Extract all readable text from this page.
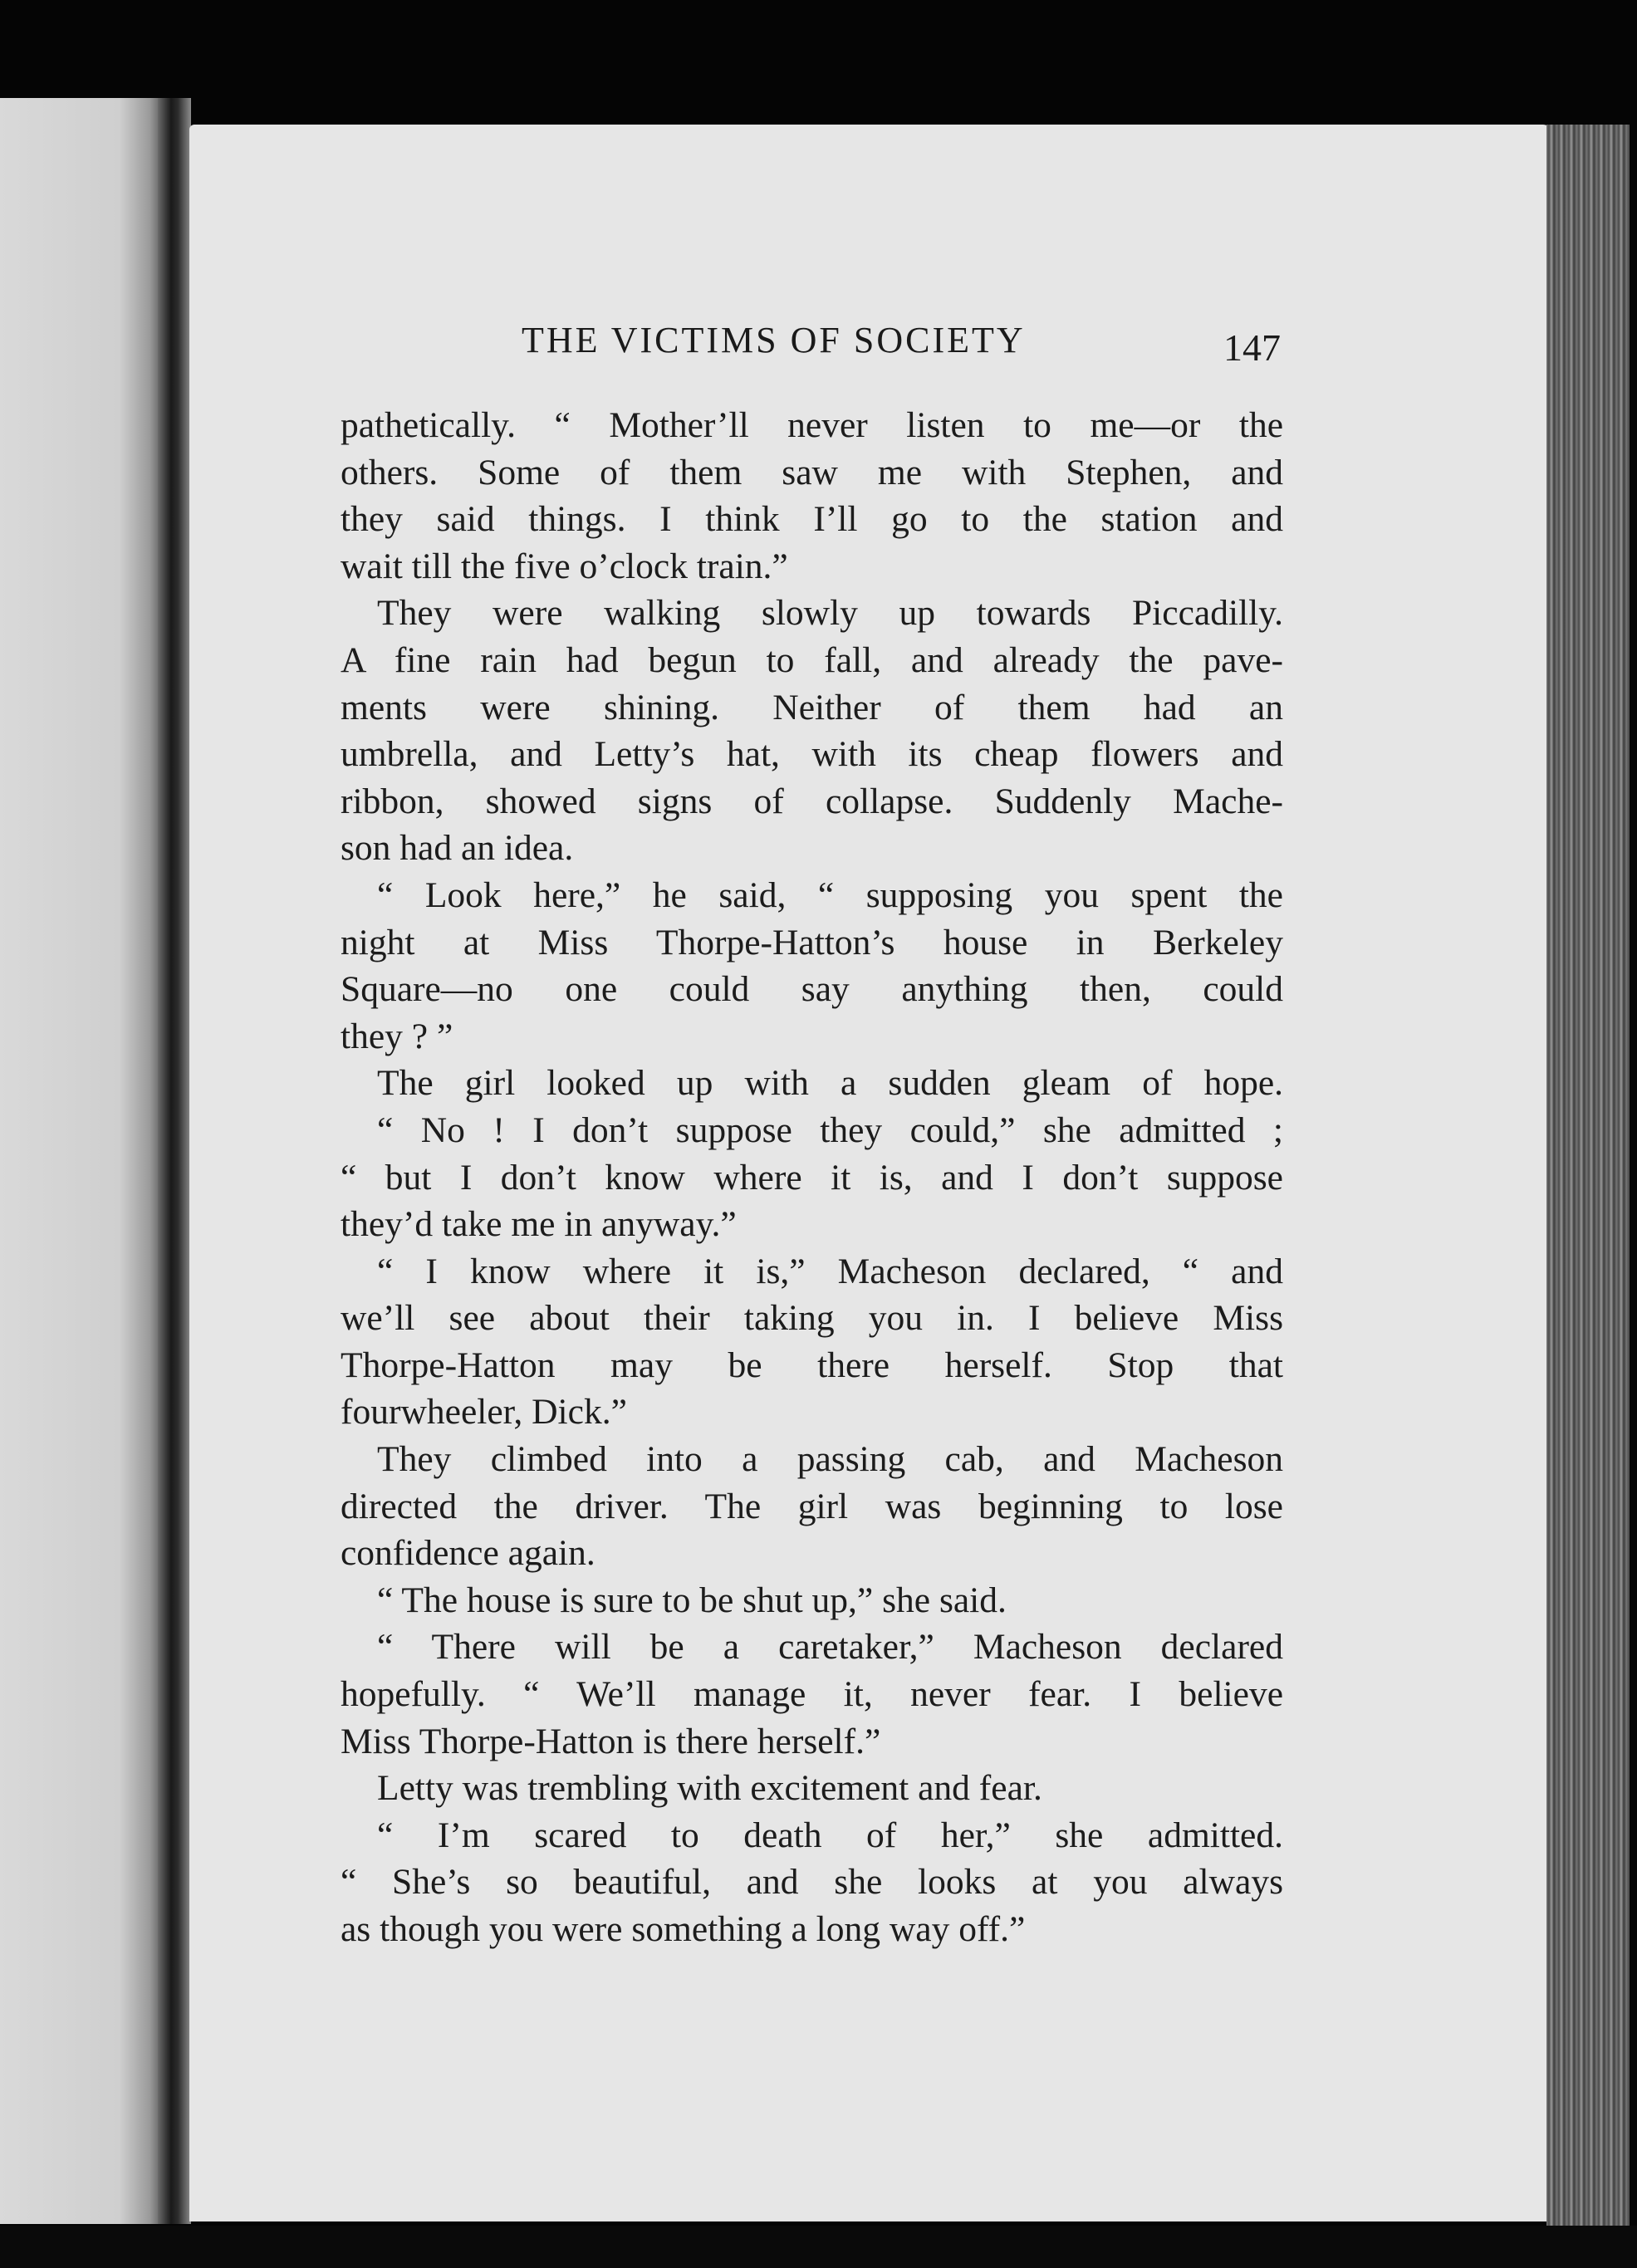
THE VICTIMS OF SOCIETY	147
pathetically. “ Mother’ll never listen to me—or the
others. Some of them saw me with Stephen, and
they said things. I think I’ll go to the station and
wait till the five o’clock train.”
They were walking slowly up towards Piccadilly.
A fine rain had begun to fall, and already the pave-
ments were shining. Neither of them had an
umbrella, and Letty’s hat, with its cheap flowers and
ribbon, showed signs of collapse. Suddenly Mache-
son had an idea.
“ Look here,” he said, “ supposing you spent the
night at Miss Thorpe-Hatton’s house in Berkeley
Square—no one could say anything then, could
they ? ”
The girl looked up with a sudden gleam of hope.
“ No ! I don’t suppose they could,” she admitted ;
“ but I don’t know where it is, and I don’t suppose
they’d take me in anyway.”
“ I know where it is,” Macheson declared, “ and
we’ll see about their taking you in. I believe Miss
Thorpe-Hatton may be there herself. Stop that
fourwheeler, Dick.”
They climbed into a passing cab, and Macheson
directed the driver. The girl was beginning to lose
confidence again.
“ The house is sure to be shut up,” she said.
“ There will be a caretaker,” Macheson declared
hopefully. “ We’ll manage it, never fear. I believe
Miss Thorpe-Hatton is there herself.”
Letty was trembling with excitement and fear.
“ I’m scared to death of her,” she admitted.
“ She’s so beautiful, and she looks at you always
as though you were something a long way off.”
